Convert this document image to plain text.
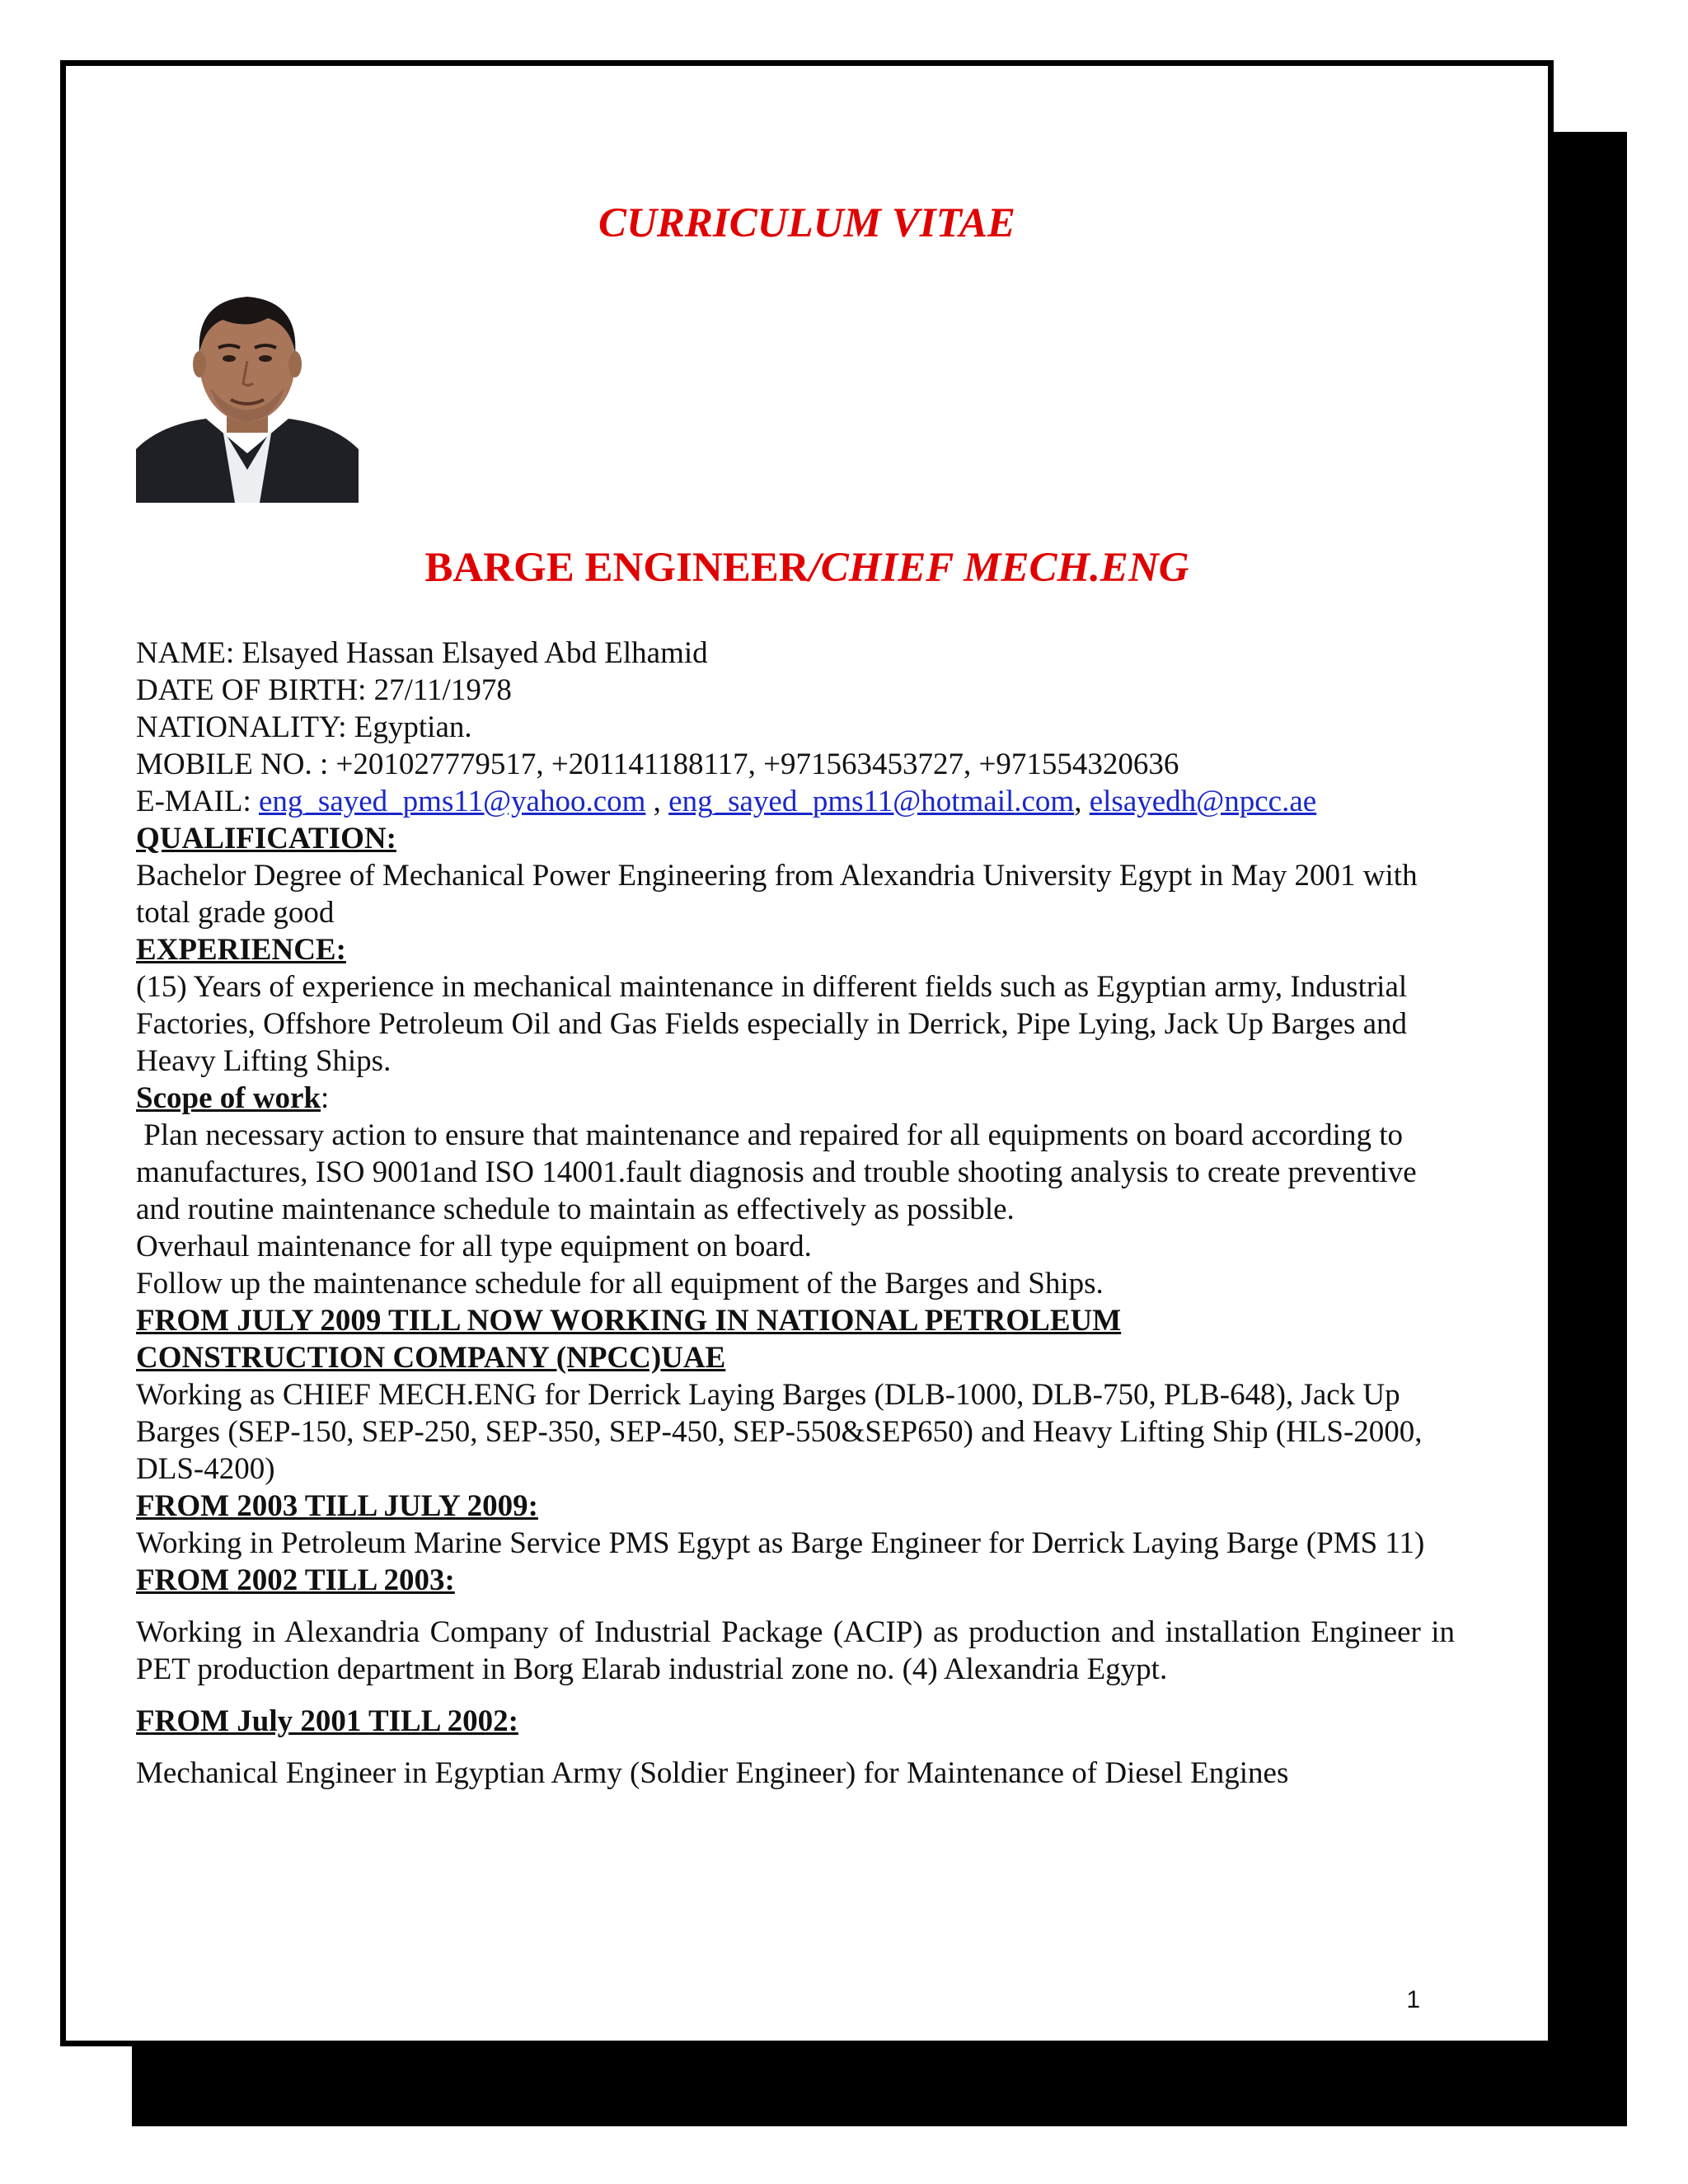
CURRICULUM VITAE
BARGE ENGINEER/CHIEF MECH.ENG
NAME: Elsayed Hassan Elsayed Abd Elhamid
DATE OF BIRTH: 27/11/1978
NATIONALITY: Egyptian.
MOBILE NO. : +201027779517, +201141188117, +971563453727, +971554320636
E-MAIL: eng_sayed_pms11@yahoo.com , eng_sayed_pms11@hotmail.com, elsayedh@npcc.ae
QUALIFICATION:
Bachelor Degree of Mechanical Power Engineering from Alexandria University Egypt in May 2001 with total grade good
EXPERIENCE:
(15) Years of experience in mechanical maintenance in different fields such as Egyptian army, Industrial Factories, Offshore Petroleum Oil and Gas Fields especially in Derrick, Pipe Lying, Jack Up Barges and Heavy Lifting Ships.
Scope of work:
Plan necessary action to ensure that maintenance and repaired for all equipments on board according to manufactures, ISO 9001and ISO 14001.fault diagnosis and trouble shooting analysis to create preventive and routine maintenance schedule to maintain as effectively as possible.
Overhaul maintenance for all type equipment on board.
Follow up the maintenance schedule for all equipment of the Barges and Ships.
FROM JULY 2009 TILL NOW WORKING IN NATIONAL PETROLEUM CONSTRUCTION COMPANY (NPCC)UAE
Working as CHIEF MECH.ENG for Derrick Laying Barges (DLB-1000, DLB-750, PLB-648), Jack Up Barges (SEP-150, SEP-250, SEP-350, SEP-450, SEP-550&SEP650) and Heavy Lifting Ship (HLS-2000, DLS-4200)
FROM 2003 TILL JULY 2009:
Working in Petroleum Marine Service PMS Egypt as Barge Engineer for Derrick Laying Barge (PMS 11)
FROM 2002 TILL 2003:
Working in Alexandria Company of Industrial Package (ACIP) as production and installation Engineer in PET production department in Borg Elarab industrial zone no. (4) Alexandria Egypt.
FROM July 2001 TILL 2002:
Mechanical Engineer in Egyptian Army (Soldier Engineer) for Maintenance of Diesel Engines
1
